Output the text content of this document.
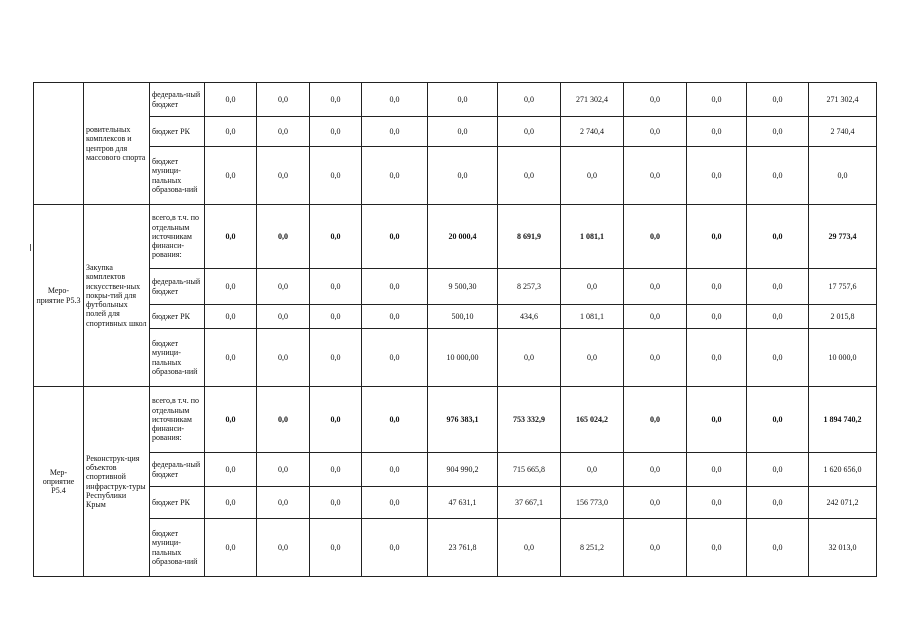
	ровительных комплексов и центров для массового спорта	федераль-ный бюджет	0,0	0,0	0,0	0,0	0,0	0,0	271 302,4	0,0	0,0	0,0	271 302,4
		бюджет РК	0,0	0,0	0,0	0,0	0,0	0,0	2 740,4	0,0	0,0	0,0	2 740,4
		бюджет муници-пальных образова-ний	0,0	0,0	0,0	0,0	0,0	0,0	0,0	0,0	0,0	0,0	0,0
Меро-приятие Р5.3	Закупка комплектов искусствен-ных покры-тий для футбольных полей для спортивных школ	всего,в т.ч. по отдельным источникам финанси-рования:	0,0	0,0	0,0	0,0	20 000,4	8 691,9	1 081,1	0,0	0,0	0,0	29 773,4
		федераль-ный бюджет	0,0	0,0	0,0	0,0	9 500,30	8 257,3	0,0	0,0	0,0	0,0	17 757,6
		бюджет РК	0,0	0,0	0,0	0,0	500,10	434,6	1 081,1	0,0	0,0	0,0	2 015,8
		бюджет муници-пальных образова-ний	0,0	0,0	0,0	0,0	10 000,00	0,0	0,0	0,0	0,0	0,0	10 000,0
Мер-оприятие Р5.4	Реконструк-ция объектов спортивной инфраструк-туры Республики Крым	всего,в т.ч. по отдельным источникам финанси-рования:	0,0	0,0	0,0	0,0	976 383,1	753 332,9	165 024,2	0,0	0,0	0,0	1 894 740,2
		федераль-ный бюджет	0,0	0,0	0,0	0,0	904 990,2	715 665,8	0,0	0,0	0,0	0,0	1 620 656,0
		бюджет РК	0,0	0,0	0,0	0,0	47 631,1	37 667,1	156 773,0	0,0	0,0	0,0	242 071,2
		бюджет муници-пальных образова-ний	0,0	0,0	0,0	0,0	23 761,8	0,0	8 251,2	0,0	0,0	0,0	32 013,0
